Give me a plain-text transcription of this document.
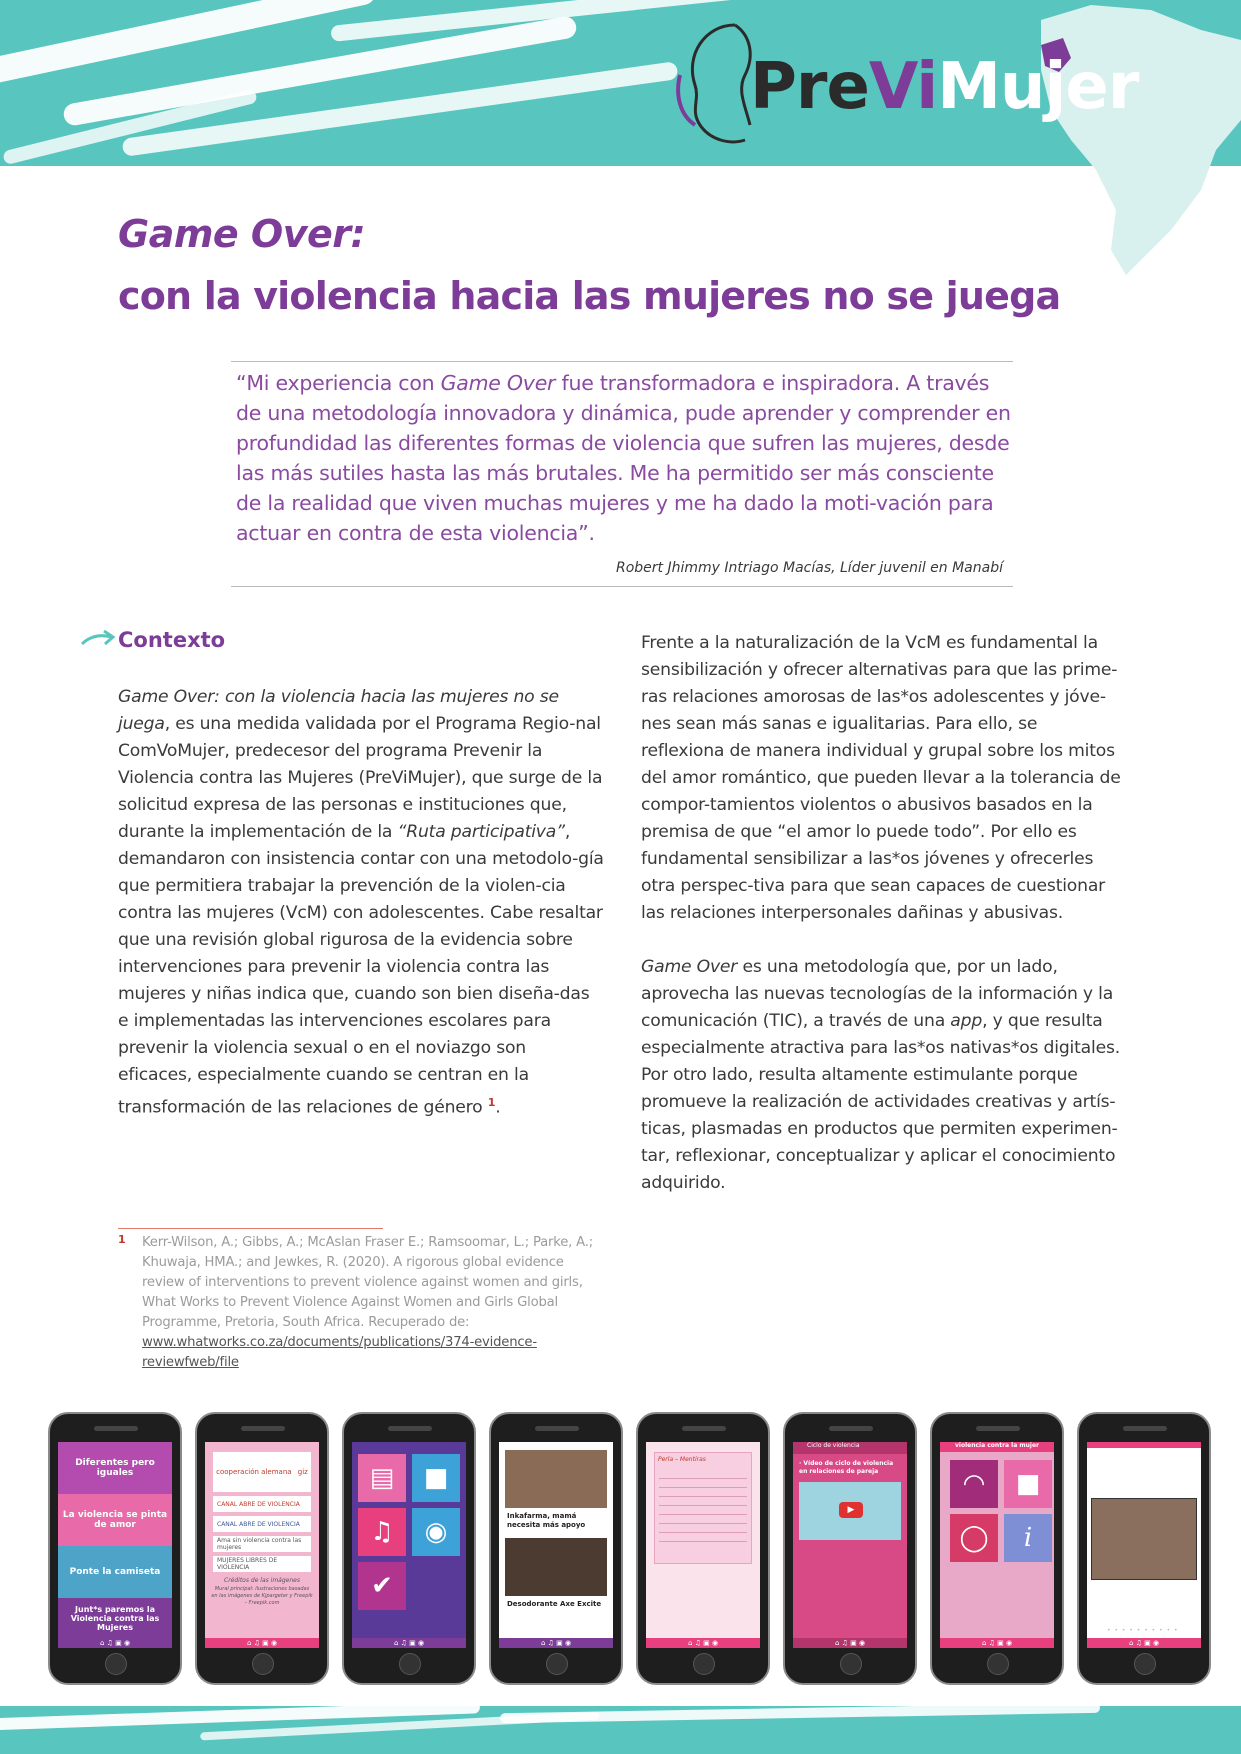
PreViMujer
Game Over:
con la violencia hacia las mujeres no se juega
“Mi experiencia con Game Over fue transformadora e inspiradora. A través de una metodología innovadora y dinámica, pude aprender y comprender en profundidad las diferentes formas de violencia que sufren las mujeres, desde las más sutiles hasta las más brutales. Me ha permitido ser más consciente de la realidad que viven muchas mujeres y me ha dado la moti-vación para actuar en contra de esta violencia”.
Robert Jhimmy Intriago Macías, Líder juvenil en Manabí
Contexto

Game Over: con la violencia hacia las mujeres no se juega, es una medida validada por el Programa Regio-nal ComVoMujer, predecesor del programa Prevenir la Violencia contra las Mujeres (PreViMujer), que surge de la solicitud expresa de las personas e instituciones que, durante la implementación de la “Ruta participativa”, demandaron con insistencia contar con una metodolo-gía que permitiera trabajar la prevención de la violen-cia contra las mujeres (VcM) con adolescentes. Cabe resaltar que una revisión global rigurosa de la evidencia sobre intervenciones para prevenir la violencia contra las mujeres y niñas indica que, cuando son bien diseña-das e implementadas las intervenciones escolares para prevenir la violencia sexual o en el noviazgo son eficaces, especialmente cuando se centran en la transformación de las relaciones de género $^1$.

Frente a la naturalización de la VcM es fundamental la sensibilización y ofrecer alternativas para que las prime-ras relaciones amorosas de las*os adolescentes y jóve-nes sean más sanas e igualitarias. Para ello, se reflexiona de manera individual y grupal sobre los mitos del amor romántico, que pueden llevar a la tolerancia de compor-tamientos violentos o abusivos basados en la premisa de que “el amor lo puede todo”. Por ello es fundamental sensibilizar a las*os jóvenes y ofrecerles otra perspec-tiva para que sean capaces de cuestionar las relaciones interpersonales dañinas y abusivas.

Game Over es una metodología que, por un lado, aprovecha las nuevas tecnologías de la información y la comunicación (TIC), a través de una app, y que resulta especialmente atractiva para las*os nativas*os digitales. Por otro lado, resulta altamente estimulante porque promueve la realización de actividades creativas y artís-ticas, plasmadas en productos que permiten experimen-tar, reflexionar, conceptualizar y aplicar el conocimiento adquirido.

1 Kerr-Wilson, A.; Gibbs, A.; McAslan Fraser E.; Ramsoomar, L.; Parke, A.; Khuwaja, HMA.; and Jewkes, R. (2020). A rigorous global evidence review of interventions to prevent violence against women and girls, What Works to Prevent Violence Against Women and Girls Global Programme, Pretoria, South Africa. Recuperado de: www.whatworks.co.za/documents/publications/374-evidence-reviewfweb/file
Diferentes pero iguales
La violencia se pinta de amor
Ponte la camiseta
Junt*s paremos la Violencia contra las Mujeres
⌂ ♫ ▣ ◉
cooperación alemana giz
CANAL ABRE DE VIOLENCIA
CANAL ABRE DE VIOLENCIA
Ama sin violencia contra las mujeres
MUJERES LIBRES DE VIOLENCIA
Créditos de las imágenes
Mural principal: ilustraciones basadas en las imágenes de Kjpargeter y Freepik – Freepik.com
⌂ ♫ ▣ ◉
▤	■
♫	◉
✔
⌂ ♫ ▣ ◉
Inkafarma, mamá necesita más apoyo
Desodorante Axe Excite
⌂ ♫ ▣ ◉
Perla – Mentiras
⌂ ♫ ▣ ◉
Ciclo de violencia
· Vídeo de ciclo de violencia en relaciones de pareja
▶
⌂ ♫ ▣ ◉
violencia contra la mujer
◠	■
◯	i
⌂ ♫ ▣ ◉
• • • • • • • • • •
⌂ ♫ ▣ ◉
